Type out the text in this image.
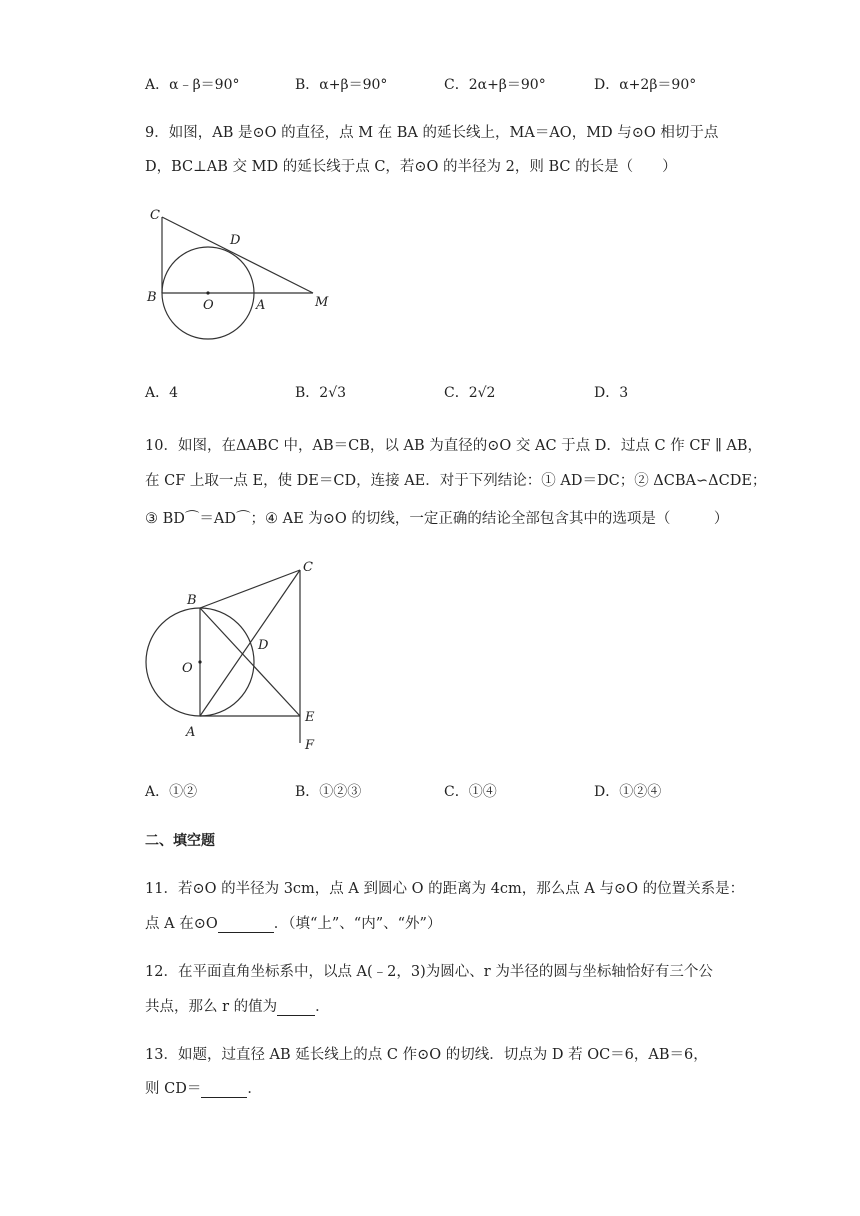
A．α﹣β＝90°	B．α+β＝90°	C．2α+β＝90°	D．α+2β＝90°
9．如图，AB 是⊙O 的直径，点 M 在 BA 的延长线上，MA＝AO，MD 与⊙O 相切于点
D，BC⊥AB 交 MD 的延长线于点 C，若⊙O 的半径为 2，则 BC 的长是（　　）
C
D
B
O	A	M
A．4	B．2√3	C．2√2	D．3
10．如图，在ΔABC 中，AB＝CB，以 AB 为直径的⊙O 交 AC 于点 D．过点 C 作 CF ∥ AB，
在 CF 上取一点 E，使 DE＝CD，连接 AE．对于下列结论：① AD＝DC；② ΔCBA∽ΔCDE；
③ BD⌒＝AD⌒；④ AE 为⊙O 的切线，一定正确的结论全部包含其中的选项是（　　　）
C
B
D
O
A
E
F
A．①②	B．①②③	C．①④	D．①②④
二、填空题
11．若⊙O 的半径为 3cm，点 A 到圆心 O 的距离为 4cm，那么点 A 与⊙O 的位置关系是：
点 A 在⊙O	．（填“上”、“内”、“外”）
12．在平面直角坐标系中，以点 A(﹣2，3)为圆心、r 为半径的圆与坐标轴恰好有三个公
共点，那么 r 的值为	．
13．如题，过直径 AB 延长线上的点 C 作⊙O 的切线．切点为 D 若 OC＝6，AB＝6，
则 CD＝	．
